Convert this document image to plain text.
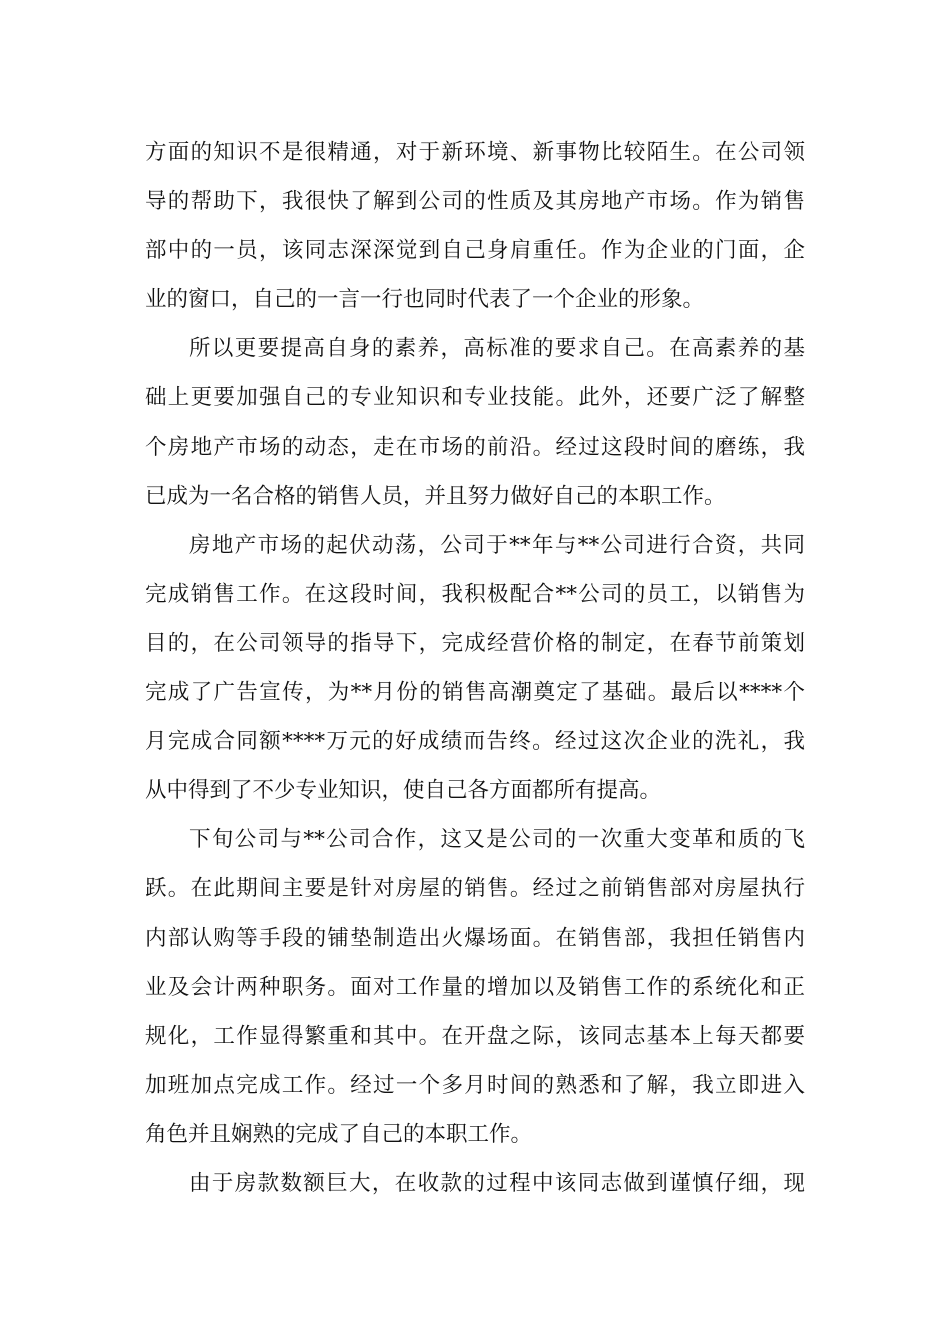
方面的知识不是很精通，对于新环境、新事物比较陌生。在公司领
导的帮助下，我很快了解到公司的性质及其房地产市场。作为销售
部中的一员，该同志深深觉到自己身肩重任。作为企业的门面，企
业的窗口，自己的一言一行也同时代表了一个企业的形象。
所以更要提高自身的素养，高标准的要求自己。在高素养的基
础上更要加强自己的专业知识和专业技能。此外，还要广泛了解整
个房地产市场的动态，走在市场的前沿。经过这段时间的磨练，我
已成为一名合格的销售人员，并且努力做好自己的本职工作。
房地产市场的起伏动荡，公司于**年与**公司进行合资，共同
完成销售工作。在这段时间，我积极配合**公司的员工，以销售为
目的，在公司领导的指导下，完成经营价格的制定，在春节前策划
完成了广告宣传，为**月份的销售高潮奠定了基础。最后以****个
月完成合同额****万元的好成绩而告终。经过这次企业的洗礼，我
从中得到了不少专业知识，使自己各方面都所有提高。
下旬公司与**公司合作，这又是公司的一次重大变革和质的飞
跃。在此期间主要是针对房屋的销售。经过之前销售部对房屋执行
内部认购等手段的铺垫制造出火爆场面。在销售部，我担任销售内
业及会计两种职务。面对工作量的增加以及销售工作的系统化和正
规化，工作显得繁重和其中。在开盘之际，该同志基本上每天都要
加班加点完成工作。经过一个多月时间的熟悉和了解，我立即进入
角色并且娴熟的完成了自己的本职工作。
由于房款数额巨大，在收款的过程中该同志做到谨慎仔细，现
